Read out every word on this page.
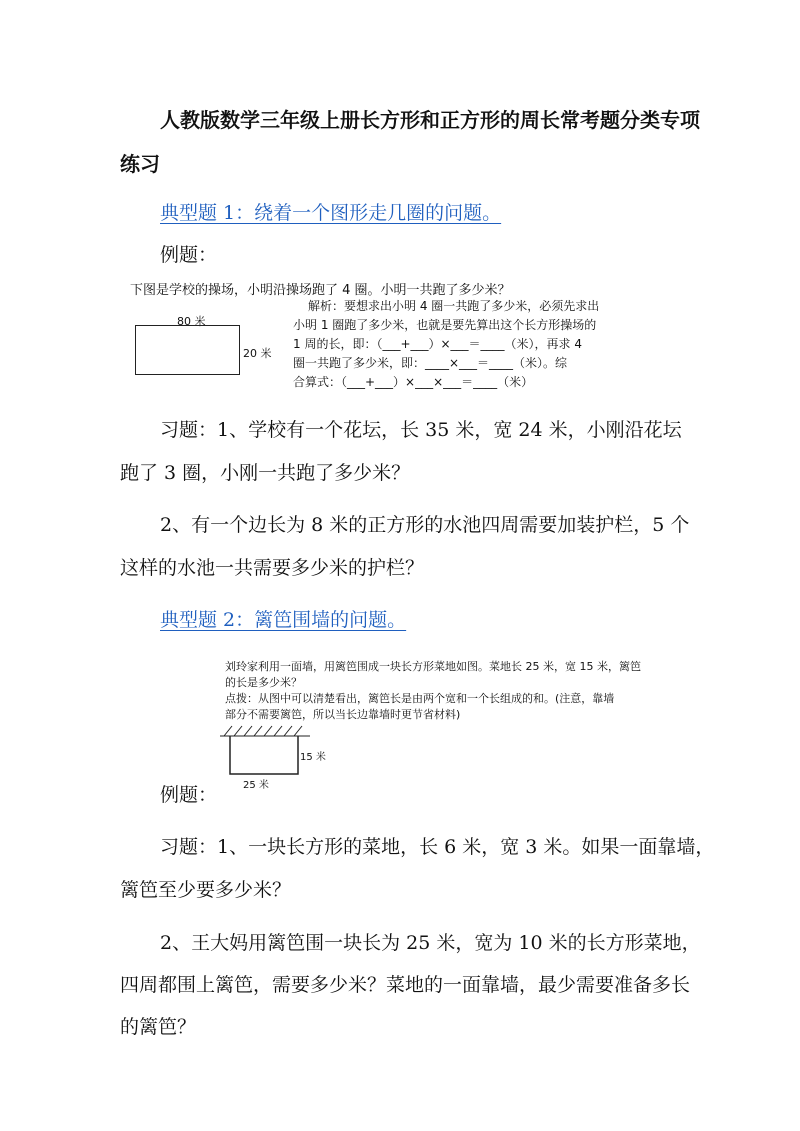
人教版数学三年级上册长方形和正方形的周长常考题分类专项
练习
典型题 1：绕着一个图形走几圈的问题。
例题：
下图是学校的操场，小明沿操场跑了 4 圈。小明一共跑了多少米？
80 米
20 米
解析：要想求出小明 4 圈一共跑了多少米，必须先求出
小明 1 圈跑了多少米，也就是要先算出这个长方形操场的
1 周的长，即：（___+___）×___＝____（米），再求 4
圈一共跑了多少米，即：____×___＝____（米）。综
合算式：（___+___）×___×___＝____（米）
习题：1、学校有一个花坛，长 35 米，宽 24 米，小刚沿花坛
跑了 3 圈，小刚一共跑了多少米？
2、有一个边长为 8 米的正方形的水池四周需要加装护栏，5 个
这样的水池一共需要多少米的护栏？
典型题 2：篱笆围墙的问题。
刘玲家利用一面墙，用篱笆围成一块长方形菜地如图。菜地长 25 米，宽 15 米，篱笆
的长是多少米？
点拨：从图中可以清楚看出，篱笆长是由两个宽和一个长组成的和。(注意，靠墙
部分不需要篱笆，所以当长边靠墙时更节省材料)
15 米
25 米
例题：
习题：1、一块长方形的菜地，长 6 米，宽 3 米。如果一面靠墙，
篱笆至少要多少米？
2、王大妈用篱笆围一块长为 25 米，宽为 10 米的长方形菜地，
四周都围上篱笆，需要多少米？菜地的一面靠墙，最少需要准备多长
的篱笆？
